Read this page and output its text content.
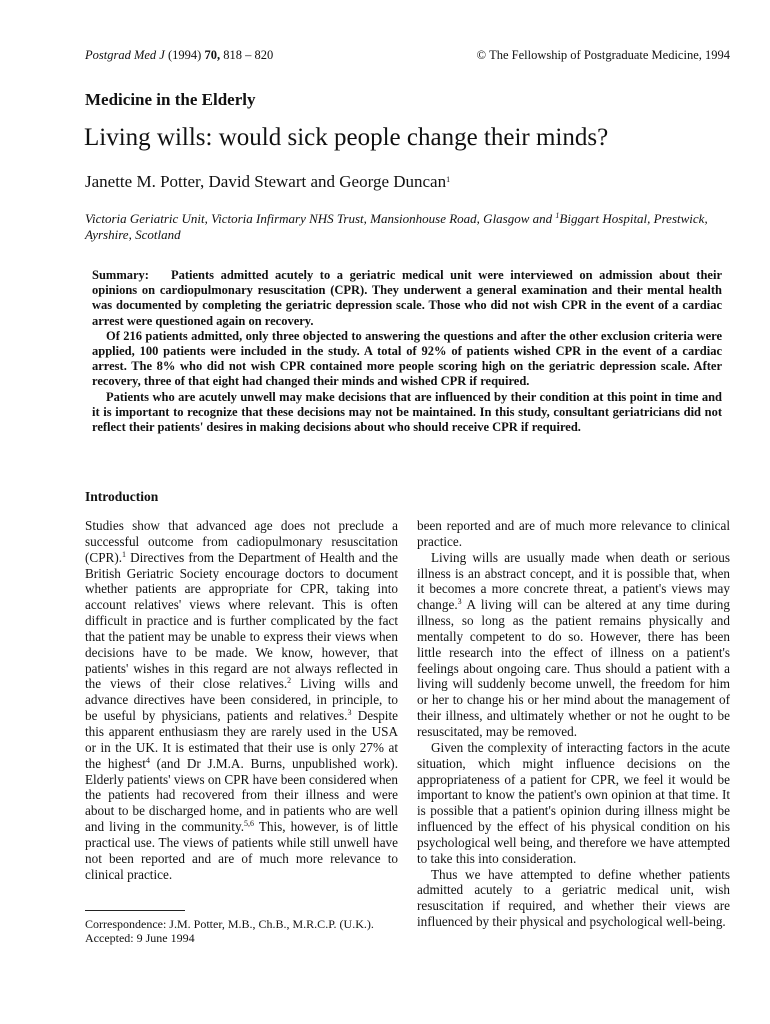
Postgrad Med J (1994) 70, 818 – 820	© The Fellowship of Postgraduate Medicine, 1994
Medicine in the Elderly
Living wills: would sick people change their minds?
Janette M. Potter, David Stewart and George Duncan$^1$
Victoria Geriatric Unit, Victoria Infirmary NHS Trust, Mansionhouse Road, Glasgow and $^1$Biggart Hospital, Prestwick, Ayrshire, Scotland

Summary: Patients admitted acutely to a geriatric medical unit were interviewed on admission about their opinions on cardiopulmonary resuscitation (CPR). They underwent a general examination and their mental health was documented by completing the geriatric depression scale. Those who did not wish CPR in the event of a cardiac arrest were questioned again on recovery.

Of 216 patients admitted, only three objected to answering the questions and after the other exclusion criteria were applied, 100 patients were included in the study. A total of 92% of patients wished CPR in the event of a cardiac arrest. The 8% who did not wish CPR contained more people scoring high on the geriatric depression scale. After recovery, three of that eight had changed their minds and wished CPR if required.

Patients who are acutely unwell may make decisions that are influenced by their condition at this point in time and it is important to recognize that these decisions may not be maintained. In this study, consultant geriatricians did not reflect their patients' desires in making decisions about who should receive CPR if required.

Introduction

Studies show that advanced age does not preclude a successful outcome from cadiopulmonary resuscitation (CPR).$^1$ Directives from the Department of Health and the British Geriatric Society encourage doctors to document whether patients are appropriate for CPR, taking into account relatives' views where relevant. This is often difficult in practice and is further complicated by the fact that the patient may be unable to express their views when decisions have to be made. We know, however, that patients' wishes in this regard are not always reflected in the views of their close relatives.$^2$ Living wills and advance directives have been considered, in principle, to be useful by physicians, patients and relatives.$^3$ Despite this apparent enthusiasm they are rarely used in the USA or in the UK. It is estimated that their use is only 27% at the highest$^4$ (and Dr J.M.A. Burns, unpublished work). Elderly patients' views on CPR have been considered when the patients had recovered from their illness and were about to be discharged home, and in patients who are well and living in the community.$^{5,6}$ This, however, is of little practical use. The views of patients while still unwell have not been reported and are of much more relevance to clinical practice.

been reported and are of much more relevance to clinical practice.

Living wills are usually made when death or serious illness is an abstract concept, and it is possible that, when it becomes a more concrete threat, a patient's views may change.$^3$ A living will can be altered at any time during illness, so long as the patient remains physically and mentally competent to do so. However, there has been little research into the effect of illness on a patient's feelings about ongoing care. Thus should a patient with a living will suddenly become unwell, the freedom for him or her to change his or her mind about the management of their illness, and ultimately whether or not he ought to be resuscitated, may be removed.

Given the complexity of interacting factors in the acute situation, which might influence decisions on the appropriateness of a patient for CPR, we feel it would be important to know the patient's own opinion at that time. It is possible that a patient's opinion during illness might be influenced by the effect of his physical condition on his psychological well being, and therefore we have attempted to take this into consideration.

Thus we have attempted to define whether patients admitted acutely to a geriatric medical unit, wish resuscitation if required, and whether their views are influenced by their physical and psychological well-being.

Correspondence: J.M. Potter, M.B., Ch.B., M.R.C.P. (U.K.).
Accepted: 9 June 1994
